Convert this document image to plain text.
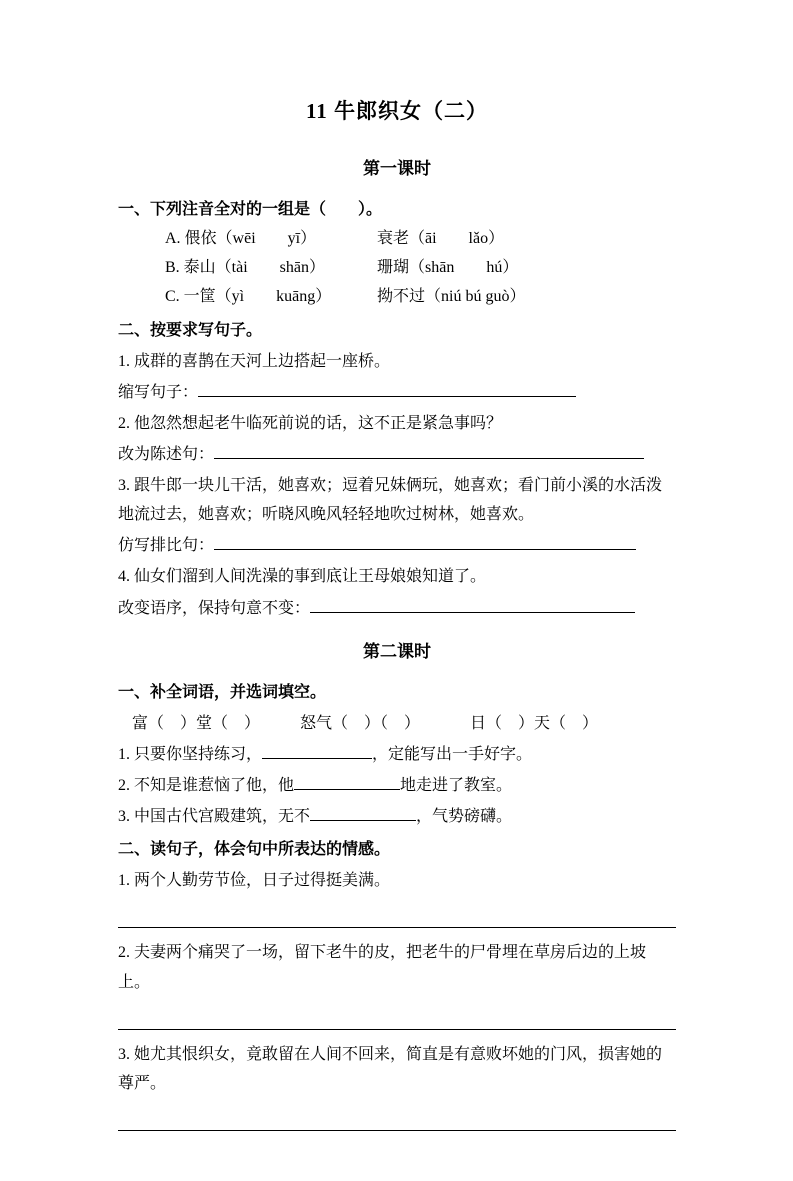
11 牛郎织女（二）
第一课时
一、下列注音全对的一组是（　　）。
A. 偎依（wēi　　yī）	衰老（āi　　lǎo）
B. 泰山（tài　　shān）	珊瑚（shān　　hú）
C. 一筐（yì　　kuāng）	拗不过（niú bú guò）
二、按要求写句子。
1. 成群的喜鹊在天河上边搭起一座桥。
缩写句子：
2. 他忽然想起老牛临死前说的话，这不正是紧急事吗？
改为陈述句：
3. 跟牛郎一块儿干活，她喜欢；逗着兄妹俩玩，她喜欢；看门前小溪的水活泼地流过去，她喜欢；听晓风晚风轻轻地吹过树林，她喜欢。
仿写排比句：
4. 仙女们溜到人间洗澡的事到底让王母娘娘知道了。
改变语序，保持句意不变：
第二课时
一、补全词语，并选词填空。
富（　）堂（　）	怒气（　）（　）	日（　）天（　）
1. 只要你坚持练习，	，定能写出一手好字。
2. 不知是谁惹恼了他，他	地走进了教室。
3. 中国古代宫殿建筑，无不	，气势磅礴。
二、读句子，体会句中所表达的情感。
1. 两个人勤劳节俭，日子过得挺美满。
2. 夫妻两个痛哭了一场，留下老牛的皮，把老牛的尸骨埋在草房后边的上坡上。
3. 她尤其恨织女，竟敢留在人间不回来，简直是有意败坏她的门风，损害她的尊严。
